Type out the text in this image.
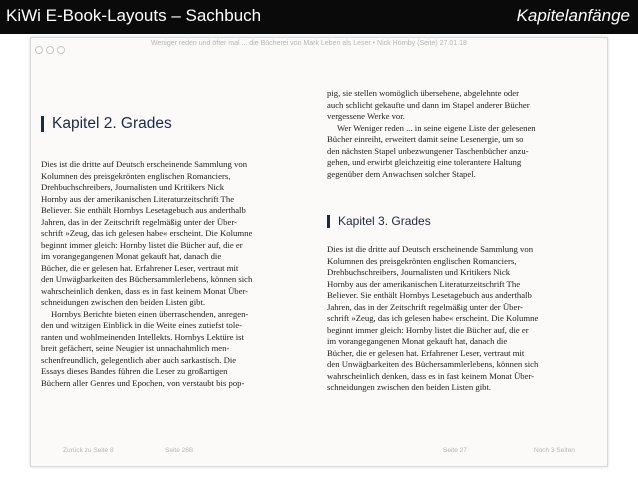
KiWi E-Book-Layouts – Sachbuch	Kapitelanfänge
Weniger reden und öfter mal ... die Bücherei von Mark Leben als Leser • Nick Hornby (Seite) 27.01.18
Kapitel 2. Grades

Dies ist die dritte auf Deutsch erscheinende Sammlung von

Kolumnen des preisgekrönten englischen Romanciers,

Drehbuchschreibers, Journalisten und Kritikers Nick

Hornby aus der amerikanischen Literaturzeitschrift The

Believer. Sie enthält Hornbys Lesetagebuch aus anderthalb

Jahren, das in der Zeitschrift regelmäßig unter der Über-

schrift »Zeug, das ich gelesen habe« erscheint. Die Kolumne

beginnt immer gleich: Hornby listet die Bücher auf, die er

im vorangegangenen Monat gekauft hat, danach die

Bücher, die er gelesen hat. Erfahrener Leser, vertraut mit

den Unwägbarkeiten des Büchersammlerlebens, können sich

wahrscheinlich denken, dass es in fast keinem Monat Über-

schneidungen zwischen den beiden Listen gibt.

Hornbys Berichte bieten einen überraschenden, anregen-

den und witzigen Einblick in die Weite eines zutiefst tole-

ranten und wohlmeinenden Intellekts. Hornbys Lektüre ist

breit gefächert, seine Neugier ist unnachahmlich men-

schenfreundlich, gelegentlich aber auch sarkastisch. Die

Essays dieses Bandes führen die Leser zu großartigen

Büchern aller Genres und Epochen, von verstaubt bis pop-

pig, sie stellen womöglich übersehene, abgelehnte oder

auch schlicht gekaufte und dann im Stapel anderer Bücher

vergessene Werke vor.

Wer Weniger reden ... in seine eigene Liste der gelesenen

Bücher einreiht, erweitert damit seine Lesenergie, um so

den nächsten Stapel unbezwungener Taschenbücher anzu-

gehen, und erwirbt gleichzeitig eine tolerantere Haltung

gegenüber dem Anwachsen solcher Stapel.

Kapitel 3. Grades

Dies ist die dritte auf Deutsch erscheinende Sammlung von

Kolumnen des preisgekrönten englischen Romanciers,

Drehbuchschreibers, Journalisten und Kritikers Nick

Hornby aus der amerikanischen Literaturzeitschrift The

Believer. Sie enthält Hornbys Lesetagebuch aus anderthalb

Jahren, das in der Zeitschrift regelmäßig unter der Über-

schrift »Zeug, das ich gelesen habe« erscheint. Die Kolumne

beginnt immer gleich: Hornby listet die Bücher auf, die er

im vorangegangenen Monat gekauft hat, danach die

Bücher, die er gelesen hat. Erfahrener Leser, vertraut mit

den Unwägbarkeiten des Büchersammlerlebens, können sich

wahrscheinlich denken, dass es in fast keinem Monat Über-

schneidungen zwischen den beiden Listen gibt.

Zurück zu Seite 8	Seite 26B	Seite 27	Noch 3 Seiten
